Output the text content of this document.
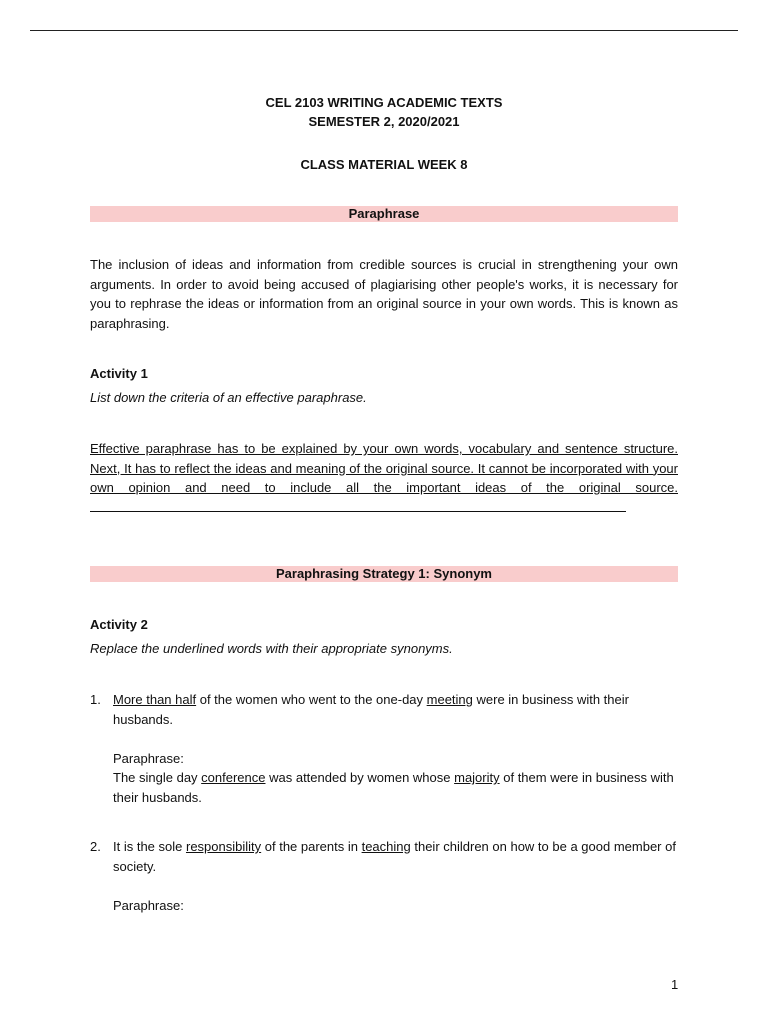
CEL 2103 WRITING ACADEMIC TEXTS
SEMESTER 2, 2020/2021
CLASS MATERIAL WEEK 8
Paraphrase
The inclusion of ideas and information from credible sources is crucial in strengthening your own arguments. In order to avoid being accused of plagiarising other people's works, it is necessary for you to rephrase the ideas or information from an original source in your own words. This is known as paraphrasing.
Activity 1
List down the criteria of an effective paraphrase.
Effective paraphrase has to be explained by your own words, vocabulary and sentence structure. Next, It has to reflect the ideas and meaning of the original source. It cannot be incorporated with your own opinion and need to include all the important ideas of the original source.
Paraphrasing Strategy 1: Synonym
Activity 2
Replace the underlined words with their appropriate synonyms.
1. More than half of the women who went to the one-day meeting were in business with their husbands.
Paraphrase:
The single day conference was attended by women whose majority of them were in business with their husbands.
2. It is the sole responsibility of the parents in teaching their children on how to be a good member of society.
Paraphrase:
1
